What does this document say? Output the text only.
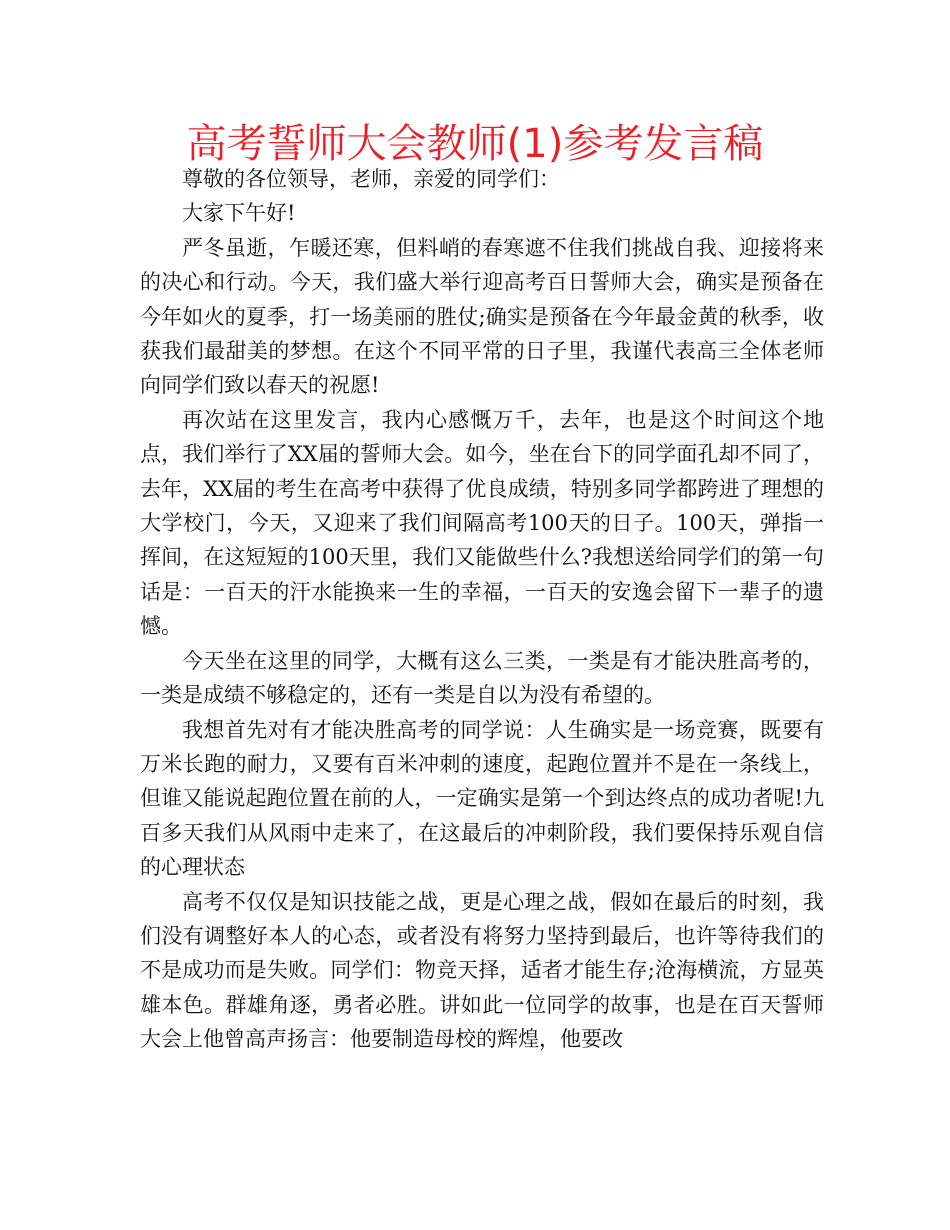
高考誓师大会教师(1)参考发言稿

尊敬的各位领导，老师，亲爱的同学们：

大家下午好!

严冬虽逝，乍暖还寒，但料峭的春寒遮不住我们挑战自我、迎接将来的决心和行动。今天，我们盛大举行迎高考百日誓师大会，确实是预备在今年如火的夏季，打一场美丽的胜仗;确实是预备在今年最金黄的秋季，收获我们最甜美的梦想。在这个不同平常的日子里，我谨代表高三全体老师向同学们致以春天的祝愿!

再次站在这里发言，我内心感慨万千，去年，也是这个时间这个地点，我们举行了XX届的誓师大会。如今，坐在台下的同学面孔却不同了，去年，XX届的考生在高考中获得了优良成绩，特别多同学都跨进了理想的大学校门，今天，又迎来了我们间隔高考100天的日子。100天，弹指一挥间，在这短短的100天里，我们又能做些什么?我想送给同学们的第一句话是：一百天的汗水能换来一生的幸福，一百天的安逸会留下一辈子的遗憾。

今天坐在这里的同学，大概有这么三类，一类是有才能决胜高考的，一类是成绩不够稳定的，还有一类是自以为没有希望的。

我想首先对有才能决胜高考的同学说：人生确实是一场竞赛，既要有万米长跑的耐力，又要有百米冲刺的速度，起跑位置并不是在一条线上，但谁又能说起跑位置在前的人，一定确实是第一个到达终点的成功者呢!九百多天我们从风雨中走来了，在这最后的冲刺阶段，我们要保持乐观自信的心理状态

高考不仅仅是知识技能之战，更是心理之战，假如在最后的时刻，我们没有调整好本人的心态，或者没有将努力坚持到最后，也许等待我们的不是成功而是失败。同学们：物竞天择，适者才能生存;沧海横流，方显英雄本色。群雄角逐，勇者必胜。讲如此一位同学的故事，也是在百天誓师大会上他曾高声扬言：他要制造母校的辉煌，他要改
